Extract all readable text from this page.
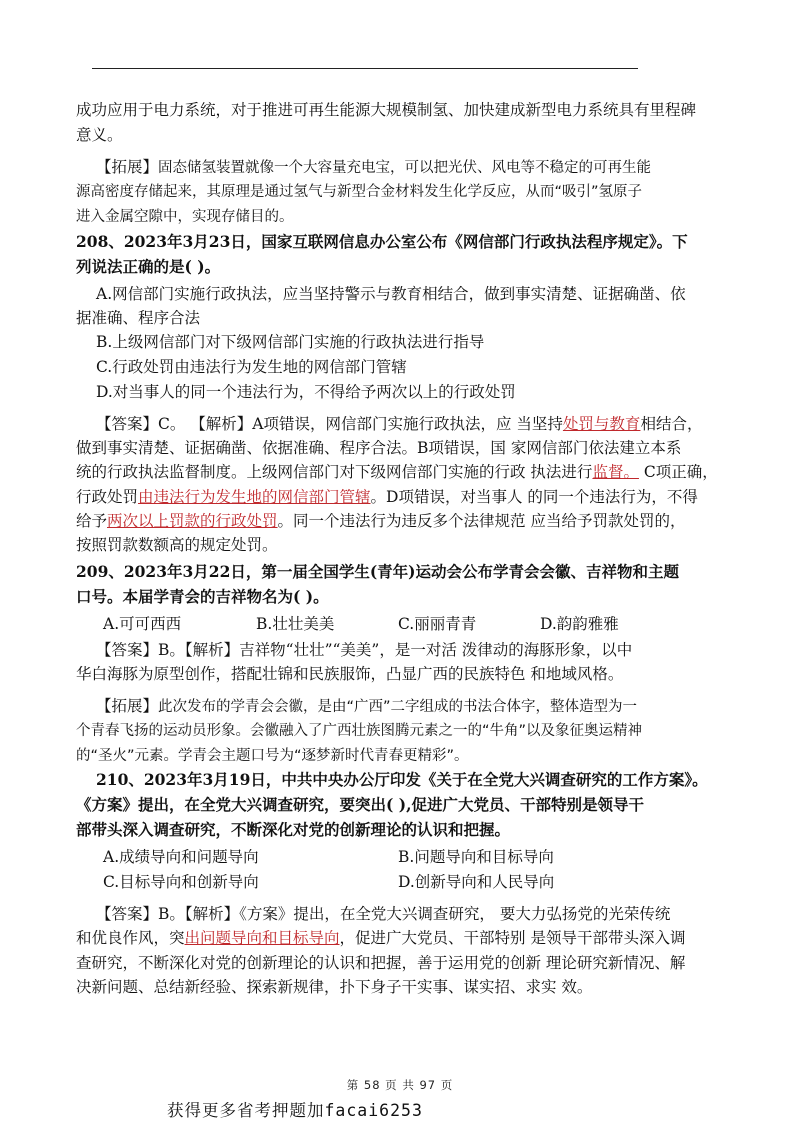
成功应用于电力系统，对于推进可再生能源大规模制氢、加快建成新型电力系统具有里程碑
意义。
【拓展】固态储氢装置就像一个大容量充电宝，可以把光伏、风电等不稳定的可再生能
源高密度存储起来，其原理是通过氢气与新型合金材料发生化学反应，从而“吸引”氢原子
进入金属空隙中，实现存储目的。
208、2023年3月23日，国家互联网信息办公室公布《网信部门行政执法程序规定》。下
列说法正确的是( )。
A.网信部门实施行政执法，应当坚持警示与教育相结合，做到事实清楚、证据确凿、依
据准确、程序合法
B.上级网信部门对下级网信部门实施的行政执法进行指导
C.行政处罚由违法行为发生地的网信部门管辖
D.对当事人的同一个违法行为，不得给予两次以上的行政处罚
【答案】C。 【解析】A项错误，网信部门实施行政执法，应 当坚持处罚与教育相结合，
做到事实清楚、证据确凿、依据准确、程序合法。B项错误，国 家网信部门依法建立本系
统的行政执法监督制度。上级网信部门对下级网信部门实施的行政 执法进行监督。 C项正确，
行政处罚由违法行为发生地的网信部门管辖。D项错误，对当事人 的同一个违法行为，不得
给予两次以上罚款的行政处罚。同一个违法行为违反多个法律规范 应当给予罚款处罚的，
按照罚款数额高的规定处罚。
209、2023年3月22日，第一届全国学生(青年)运动会公布学青会会徽、吉祥物和主题
口号。本届学青会的吉祥物名为( )。
A.可可西西	B.壮壮美美	C.丽丽青青	D.韵韵雅雅
【答案】B。【解析】吉祥物“壮壮”“美美”，是一对活 泼律动的海豚形象，以中
华白海豚为原型创作，搭配壮锦和民族服饰，凸显广西的民族特色 和地域风格。
【拓展】此次发布的学青会会徽，是由“广西”二字组成的书法合体字，整体造型为一
个青春飞扬的运动员形象。会徽融入了广西壮族图腾元素之一的“牛角”以及象征奥运精神
的“圣火”元素。学青会主题口号为“逐梦新时代青春更精彩”。
210、2023年3月19日，中共中央办公厅印发《关于在全党大兴调查研究的工作方案》。
《方案》提出，在全党大兴调查研究，要突出( ),促进广大党员、干部特别是领导干
部带头深入调查研究，不断深化对党的创新理论的认识和把握。
A.成绩导向和问题导向	B.问题导向和目标导向
C.目标导向和创新导向	D.创新导向和人民导向
【答案】B。【解析】《方案》提出，在全党大兴调查研究， 要大力弘扬党的光荣传统
和优良作风，突出问题导向和目标导向，促进广大党员、干部特别 是领导干部带头深入调
查研究，不断深化对党的创新理论的认识和把握，善于运用党的创新 理论研究新情况、解
决新问题、总结新经验、探索新规律，扑下身子干实事、谋实招、求实 效。
第 58 页 共 97 页
获得更多省考押题加facai6253
